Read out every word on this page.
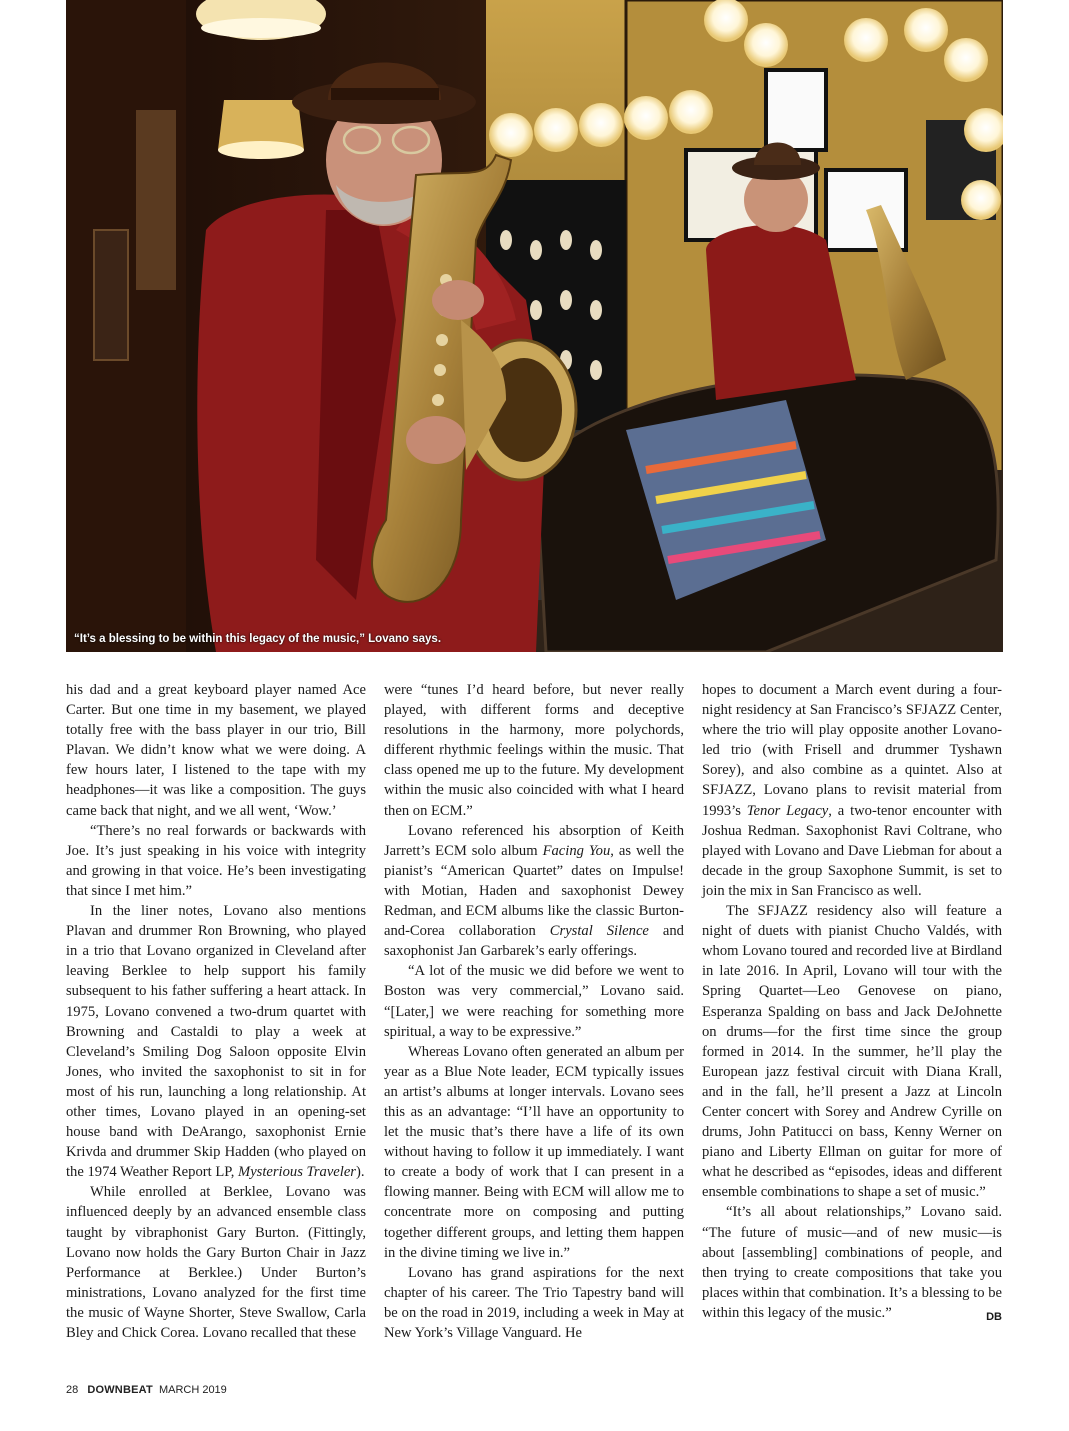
“It’s a blessing to be within this legacy of the music,” Lovano says.

his dad and a great keyboard player named Ace Carter. But one time in my basement, we played totally free with the bass player in our trio, Bill Plavan. We didn’t know what we were doing. A few hours later, I listened to the tape with my headphones—it was like a composition. The guys came back that night, and we all went, ‘Wow.’

“There’s no real forwards or backwards with Joe. It’s just speaking in his voice with integrity and growing in that voice. He’s been investigating that since I met him.”

In the liner notes, Lovano also mentions Plavan and drummer Ron Browning, who played in a trio that Lovano organized in Cleveland after leaving Berklee to help support his family subsequent to his father suffering a heart attack. In 1975, Lovano convened a two-drum quartet with Browning and Castaldi to play a week at Cleveland’s Smiling Dog Saloon opposite Elvin Jones, who invited the saxophonist to sit in for most of his run, launching a long relationship. At other times, Lovano played in an opening-set house band with DeArango, saxophonist Ernie Krivda and drummer Skip Hadden (who played on the 1974 Weather Report LP, Mysterious Traveler).

While enrolled at Berklee, Lovano was influenced deeply by an advanced ensemble class taught by vibraphonist Gary Burton. (Fittingly, Lovano now holds the Gary Burton Chair in Jazz Performance at Berklee.) Under Burton’s ministrations, Lovano analyzed for the first time the music of Wayne Shorter, Steve Swallow, Carla Bley and Chick Corea. Lovano recalled that these

were “tunes I’d heard before, but never really played, with different forms and deceptive resolutions in the harmony, more polychords, different rhythmic feelings within the music. That class opened me up to the future. My development within the music also coincided with what I heard then on ECM.”

Lovano referenced his absorption of Keith Jarrett’s ECM solo album Facing You, as well the pianist’s “American Quartet” dates on Impulse! with Motian, Haden and saxophonist Dewey Redman, and ECM albums like the classic Burton-and-Corea collaboration Crystal Silence and saxophonist Jan Garbarek’s early offerings.

“A lot of the music we did before we went to Boston was very commercial,” Lovano said. “[Later,] we were reaching for something more spiritual, a way to be expressive.”

Whereas Lovano often generated an album per year as a Blue Note leader, ECM typically issues an artist’s albums at longer intervals. Lovano sees this as an advantage: “I’ll have an opportunity to let the music that’s there have a life of its own without having to follow it up immediately. I want to create a body of work that I can present in a flowing manner. Being with ECM will allow me to concentrate more on composing and putting together different groups, and letting them happen in the divine timing we live in.”

Lovano has grand aspirations for the next chapter of his career. The Trio Tapestry band will be on the road in 2019, including a week in May at New York’s Village Vanguard. He

hopes to document a March event during a four-night residency at San Francisco’s SFJAZZ Center, where the trio will play opposite another Lovano-led trio (with Frisell and drummer Tyshawn Sorey), and also combine as a quintet. Also at SFJAZZ, Lovano plans to revisit material from 1993’s Tenor Legacy, a two-tenor encounter with Joshua Redman. Saxophonist Ravi Coltrane, who played with Lovano and Dave Liebman for about a decade in the group Saxophone Summit, is set to join the mix in San Francisco as well.

The SFJAZZ residency also will feature a night of duets with pianist Chucho Valdés, with whom Lovano toured and recorded live at Birdland in late 2016. In April, Lovano will tour with the Spring Quartet—Leo Genovese on piano, Esperanza Spalding on bass and Jack DeJohnette on drums—for the first time since the group formed in 2014. In the summer, he’ll play the European jazz festival circuit with Diana Krall, and in the fall, he’ll present a Jazz at Lincoln Center concert with Sorey and Andrew Cyrille on drums, John Patitucci on bass, Kenny Werner on piano and Liberty Ellman on guitar for more of what he described as “episodes, ideas and different ensemble combinations to shape a set of music.”

“It’s all about relationships,” Lovano said. “The future of music—and of new music—is about [assembling] combinations of people, and then trying to create compositions that take you places within that combination. It’s a blessing to be within this legacy of the music.”	DB

28 DOWNBEAT MARCH 2019
